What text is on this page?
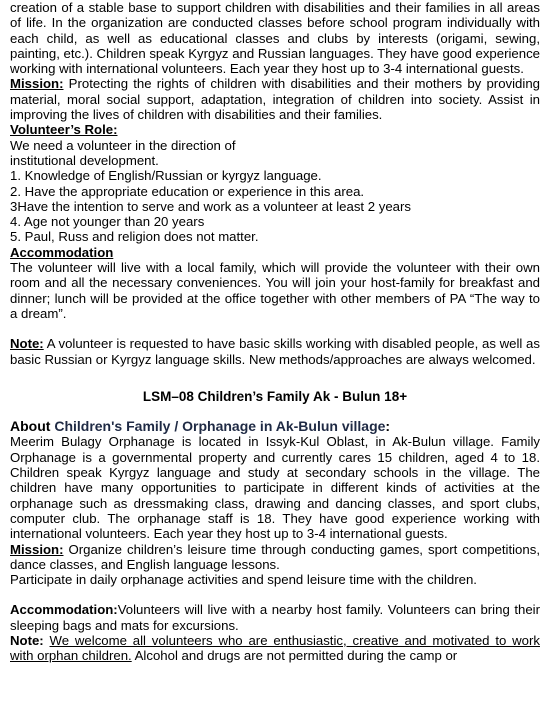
creation of a stable base to support children with disabilities and their families in all areas of life. In the organization are conducted classes before school program individually with each child, as well as educational classes and clubs by interests (origami, sewing, painting, etc.). Children speak Kyrgyz and Russian languages. They have good experience working with international volunteers. Each year they host up to 3-4 international guests.

Mission: Protecting the rights of children with disabilities and their mothers by providing material, moral social support, adaptation, integration of children into society. Assist in improving the lives of children with disabilities and their families.

Volunteer’s Role:

We need a volunteer in the direction of institutional development.

1. Knowledge of English/Russian or kyrgyz language.

2. Have the appropriate education or experience in this area.

3Have the intention to serve and work as a volunteer at least 2 years

4. Age not younger than 20 years

5. Paul, Russ and religion does not matter.

Accommodation

The volunteer will live with a local family, which will provide the volunteer with their own room and all the necessary conveniences. You will join your host-family for breakfast and dinner; lunch will be provided at the office together with other members of PA “The way to a dream”.

Note: A volunteer is requested to have basic skills working with disabled people, as well as basic Russian or Kyrgyz language skills. New methods/approaches are always welcomed.

LSM–08 Children’s Family Ak - Bulun 18+

About Children's Family / Orphanage in Ak-Bulun village:

Meerim Bulagy Orphanage is located in Issyk-Kul Oblast, in Ak-Bulun village. Family Orphanage is a governmental property and currently cares 15 children, aged 4 to 18. Children speak Kyrgyz language and study at secondary schools in the village. The children have many opportunities to participate in different kinds of activities at the orphanage such as dressmaking class, drawing and dancing classes, and sport clubs, computer club. The orphanage staff is 18. They have good experience working with international volunteers. Each year they host up to 3-4 international guests.

Mission: Organize children’s leisure time through conducting games, sport competitions, dance classes, and English language lessons.

Participate in daily orphanage activities and spend leisure time with the children.

Accommodation:Volunteers will live with a nearby host family. Volunteers can bring their sleeping bags and mats for excursions.

Note: We welcome all volunteers who are enthusiastic, creative and motivated to work with orphan children. Alcohol and drugs are not permitted during the camp or
